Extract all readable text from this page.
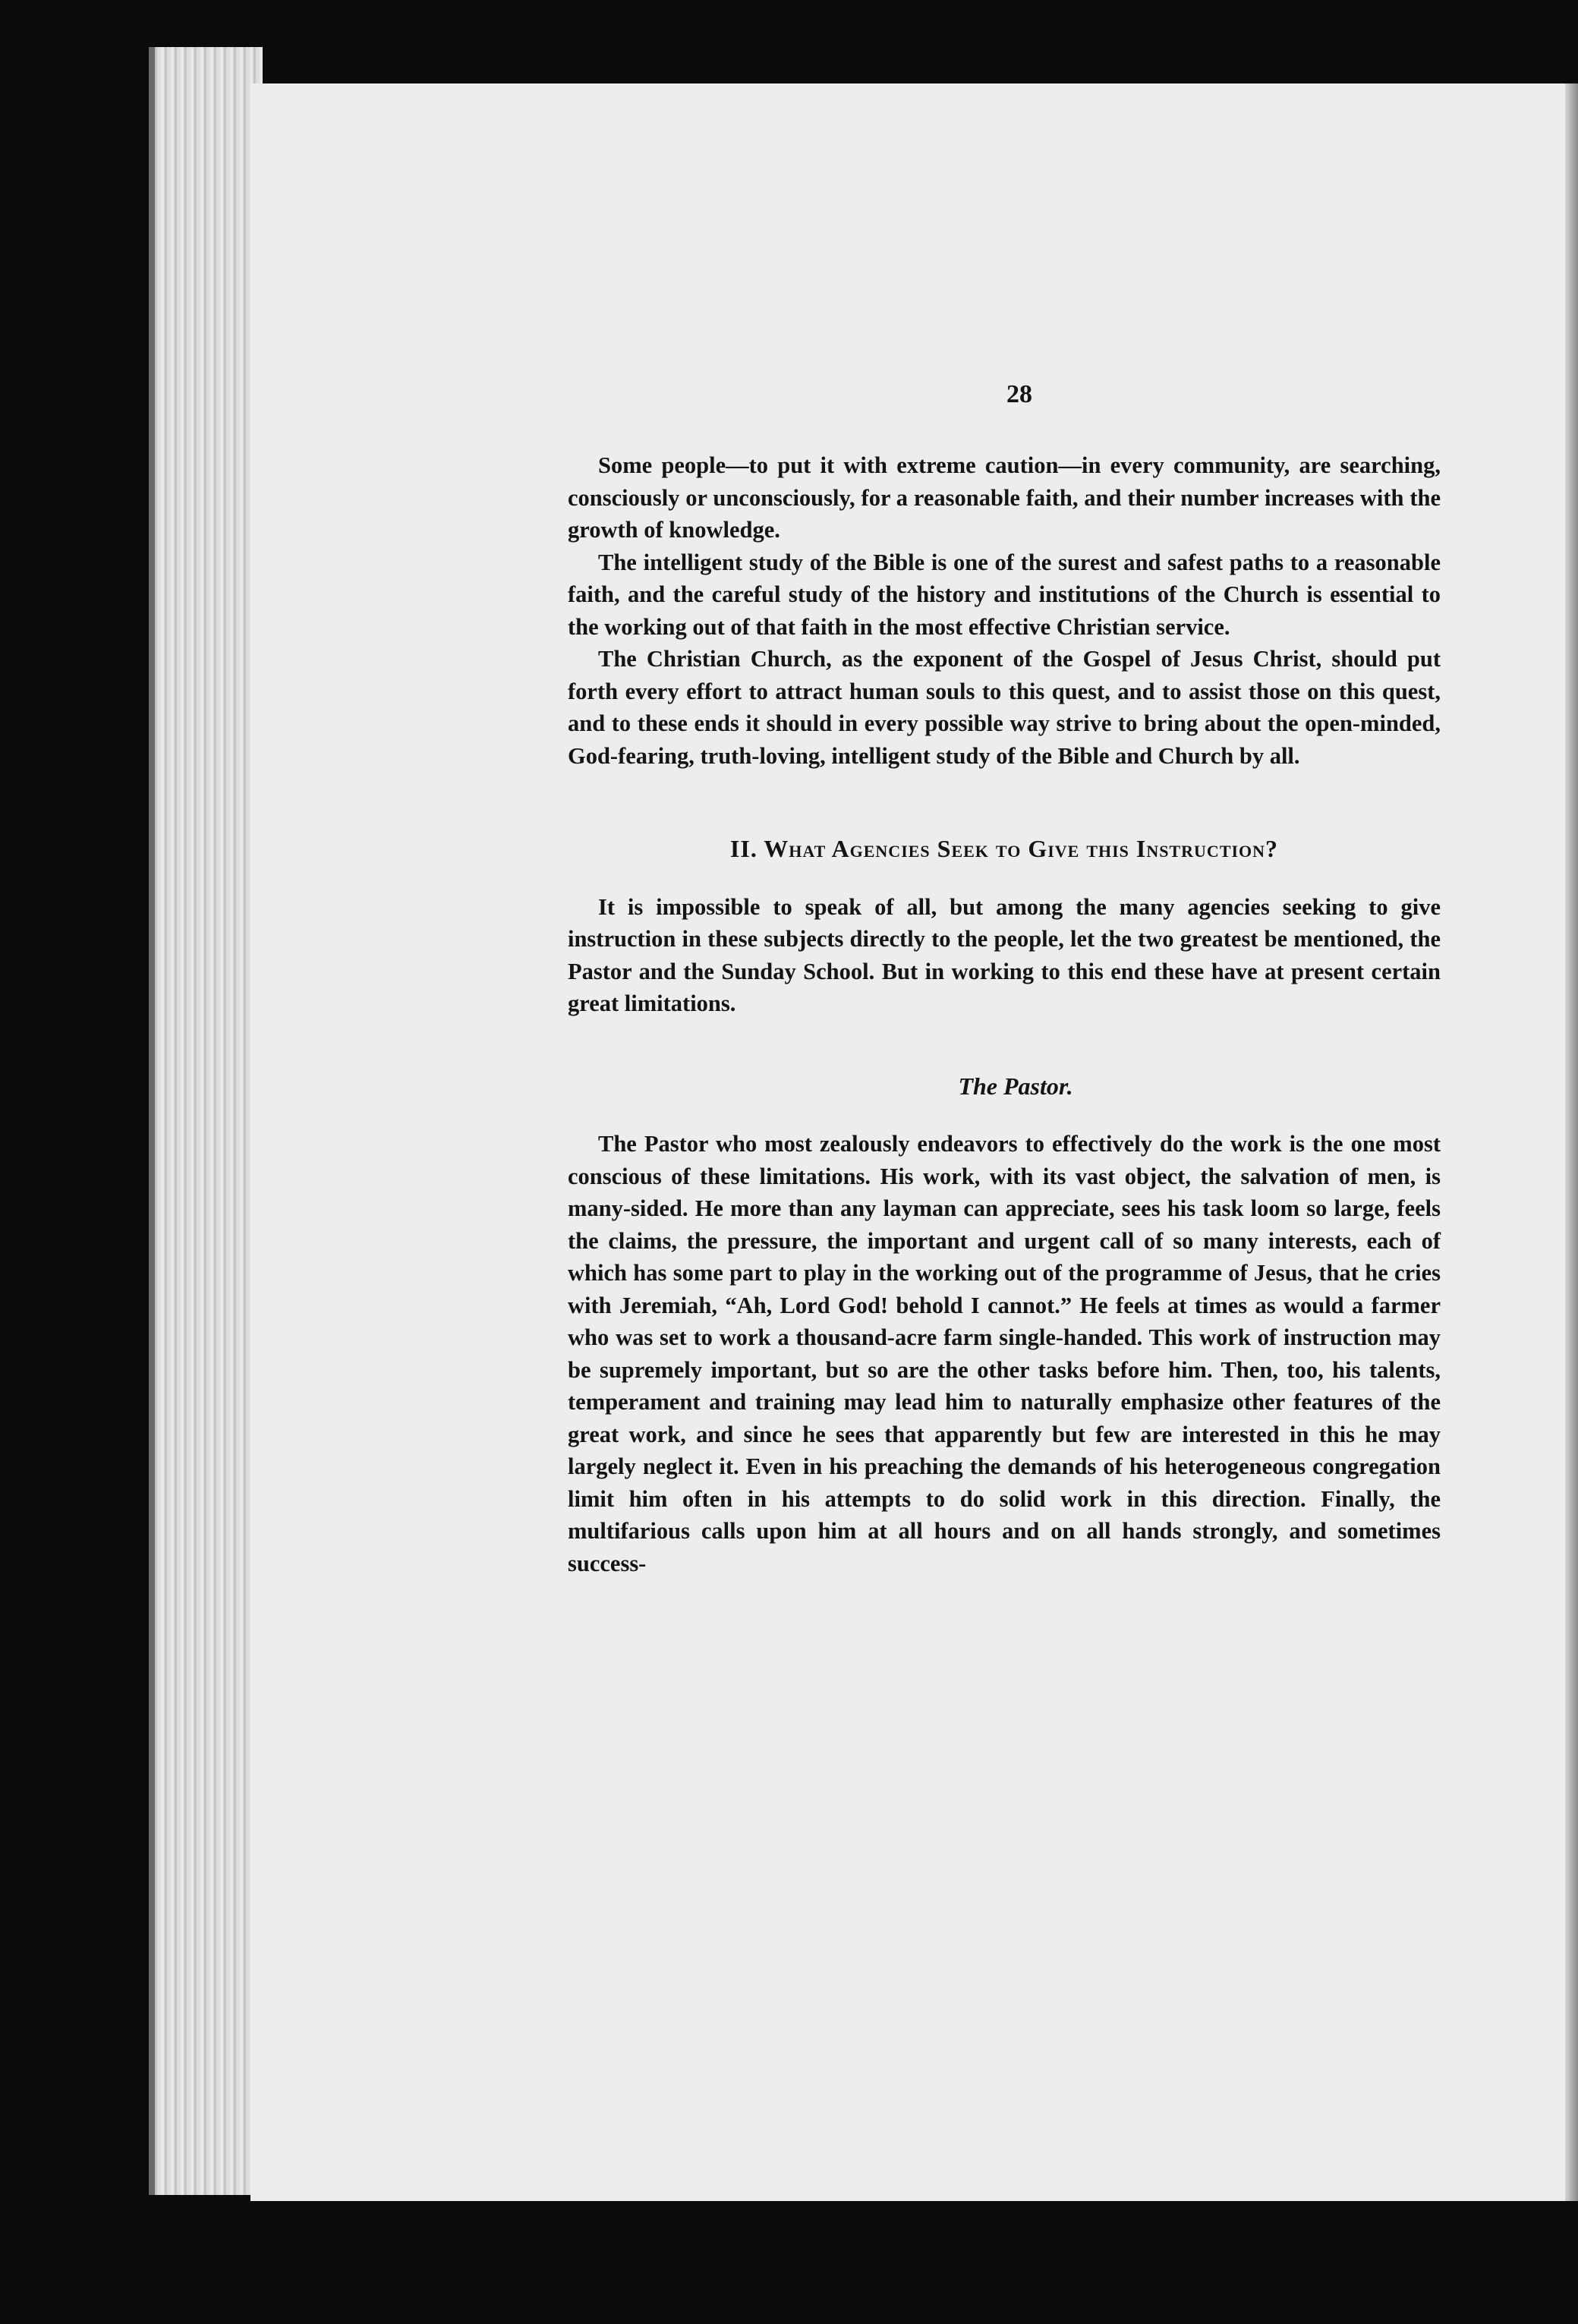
28

Some people—to put it with extreme caution—in every community, are searching, consciously or unconsciously, for a reasonable faith, and their number increases with the growth of knowledge.

The intelligent study of the Bible is one of the surest and safest paths to a reasonable faith, and the careful study of the history and institutions of the Church is essential to the working out of that faith in the most effective Christian service.

The Christian Church, as the exponent of the Gospel of Jesus Christ, should put forth every effort to attract human souls to this quest, and to assist those on this quest, and to these ends it should in every possible way strive to bring about the open-minded, God-fearing, truth-loving, intelligent study of the Bible and Church by all.

II. What Agencies Seek to Give this Instruction?

It is impossible to speak of all, but among the many agencies seeking to give instruction in these subjects directly to the people, let the two greatest be mentioned, the Pastor and the Sunday School. But in working to this end these have at present certain great limitations.

The Pastor.

The Pastor who most zealously endeavors to effectively do the work is the one most conscious of these limitations. His work, with its vast object, the salvation of men, is many-sided. He more than any layman can appreciate, sees his task loom so large, feels the claims, the pressure, the important and urgent call of so many interests, each of which has some part to play in the working out of the programme of Jesus, that he cries with Jeremiah, “Ah, Lord God! behold I cannot.” He feels at times as would a farmer who was set to work a thousand-acre farm single-handed. This work of instruction may be supremely important, but so are the other tasks before him. Then, too, his talents, temperament and training may lead him to naturally emphasize other features of the great work, and since he sees that apparently but few are interested in this he may largely neglect it. Even in his preaching the demands of his heterogeneous congregation limit him often in his attempts to do solid work in this direction. Finally, the multifarious calls upon him at all hours and on all hands strongly, and sometimes success-
